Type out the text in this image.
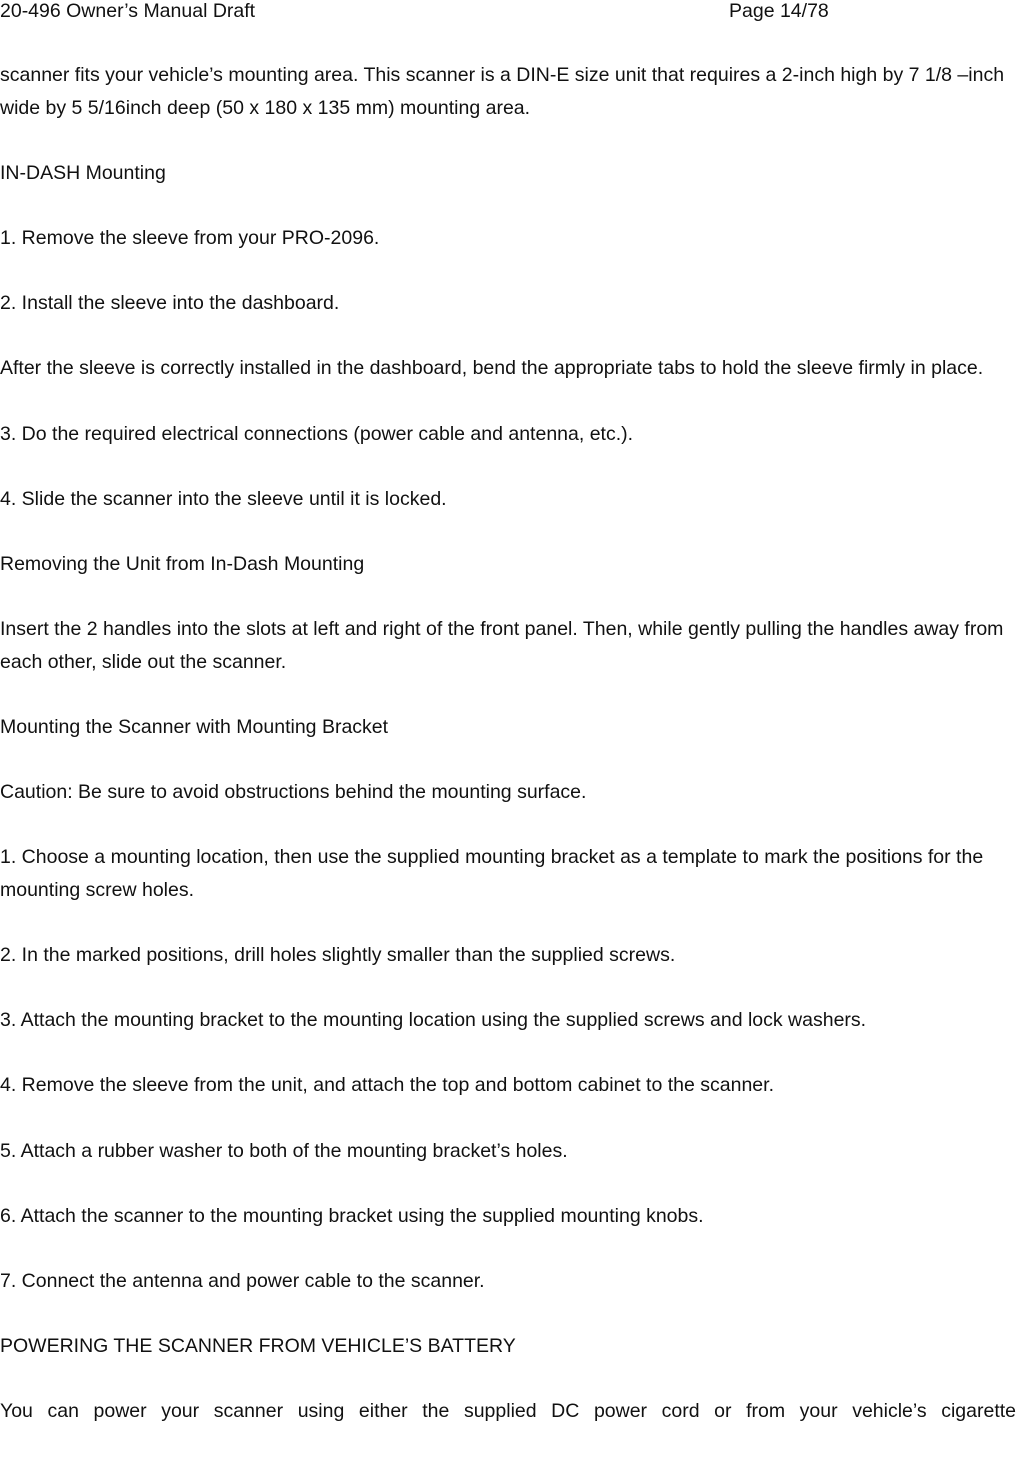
20-496 Owner’s Manual Draft	Page 14/78

scanner fits your vehicle’s mounting area. This scanner is a DIN-E size unit that requires a 2-inch high by 7 1/8 –inch wide by 5 5/16inch deep (50 x 180 x 135 mm) mounting area.

IN-DASH Mounting

1. Remove the sleeve from your PRO-2096.

2. Install the sleeve into the dashboard.

After the sleeve is correctly installed in the dashboard, bend the appropriate tabs to hold the sleeve firmly in place.

3. Do the required electrical connections (power cable and antenna, etc.).

4. Slide the scanner into the sleeve until it is locked.

Removing the Unit from In-Dash Mounting

Insert the 2 handles into the slots at left and right of the front panel. Then, while gently pulling the handles away from each other, slide out the scanner.

Mounting the Scanner with Mounting Bracket

Caution: Be sure to avoid obstructions behind the mounting surface.

1. Choose a mounting location, then use the supplied mounting bracket as a template to mark the positions for the mounting screw holes.

2. In the marked positions, drill holes slightly smaller than the supplied screws.

3. Attach the mounting bracket to the mounting location using the supplied screws and lock washers.

4. Remove the sleeve from the unit, and attach the top and bottom cabinet to the scanner.

5. Attach a rubber washer to both of the mounting bracket’s holes.

6. Attach the scanner to the mounting bracket using the supplied mounting knobs.

7. Connect the antenna and power cable to the scanner.

POWERING THE SCANNER FROM VEHICLE’S BATTERY

You can power your scanner using either the supplied DC power cord or from your vehicle’s cigarette
